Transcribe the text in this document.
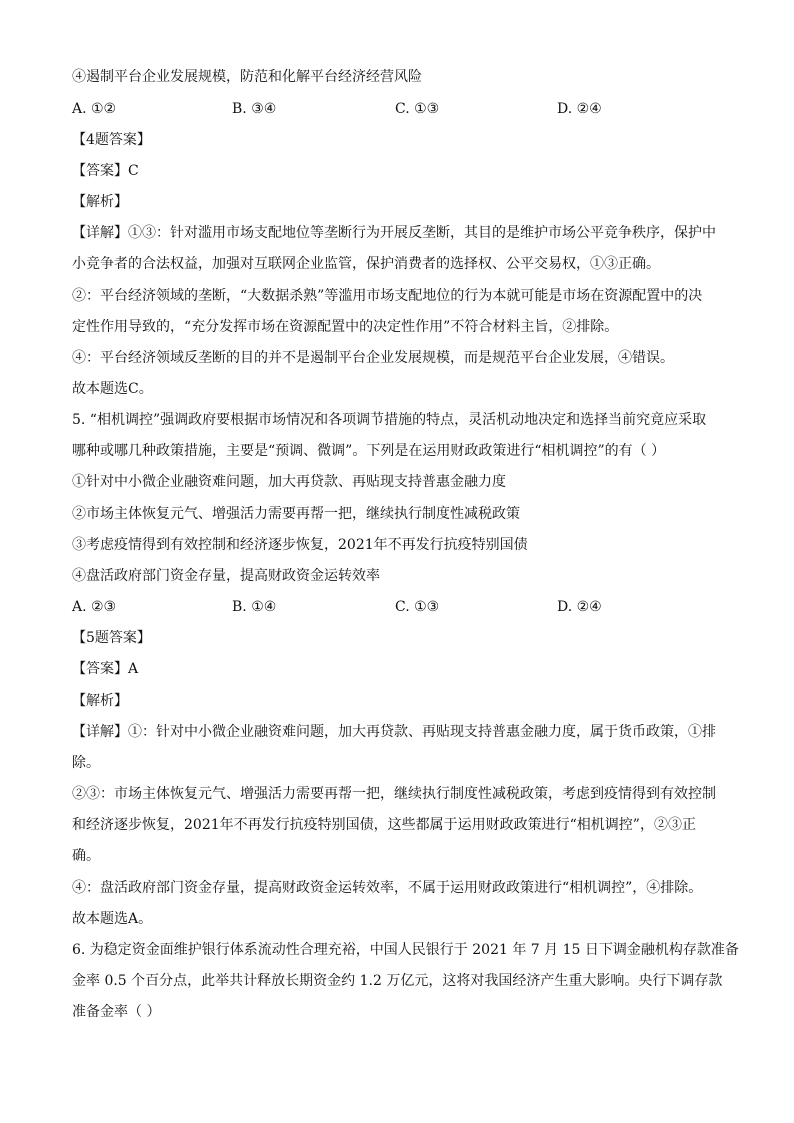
④遏制平台企业发展规模，防范和化解平台经济经营风险
A. ①②	B. ③④	C. ①③	D. ②④
【4题答案】
【答案】C
【解析】
【详解】①③：针对滥用市场支配地位等垄断行为开展反垄断，其目的是维护市场公平竞争秩序，保护中
小竞争者的合法权益，加强对互联网企业监管，保护消费者的选择权、公平交易权，①③正确。
②：平台经济领域的垄断，“大数据杀熟”等滥用市场支配地位的行为本就可能是市场在资源配置中的决
定性作用导致的，“充分发挥市场在资源配置中的决定性作用”不符合材料主旨，②排除。
④：平台经济领域反垄断的目的并不是遏制平台企业发展规模，而是规范平台企业发展，④错误。
故本题选C。
5. “相机调控”强调政府要根据市场情况和各项调节措施的特点，灵活机动地决定和选择当前究竟应采取
哪种或哪几种政策措施，主要是“预调、微调”。下列是在运用财政政策进行“相机调控”的有（ ）
①针对中小微企业融资难问题，加大再贷款、再贴现支持普惠金融力度
②市场主体恢复元气、增强活力需要再帮一把，继续执行制度性减税政策
③考虑疫情得到有效控制和经济逐步恢复，2021年不再发行抗疫特别国债
④盘活政府部门资金存量，提高财政资金运转效率
A. ②③	B. ①④	C. ①③	D. ②④
【5题答案】
【答案】A
【解析】
【详解】①：针对中小微企业融资难问题，加大再贷款、再贴现支持普惠金融力度，属于货币政策，①排
除。
②③：市场主体恢复元气、增强活力需要再帮一把，继续执行制度性减税政策，考虑到疫情得到有效控制
和经济逐步恢复，2021年不再发行抗疫特别国债，这些都属于运用财政政策进行“相机调控”，②③正
确。
④：盘活政府部门资金存量，提高财政资金运转效率，不属于运用财政政策进行“相机调控”，④排除。
故本题选A。
6. 为稳定资金面维护银行体系流动性合理充裕，中国人民银行于 2021 年 7 月 15 日下调金融机构存款准备
金率 0.5 个百分点，此举共计释放长期资金约 1.2 万亿元，这将对我国经济产生重大影响。央行下调存款
准备金率（ ）
